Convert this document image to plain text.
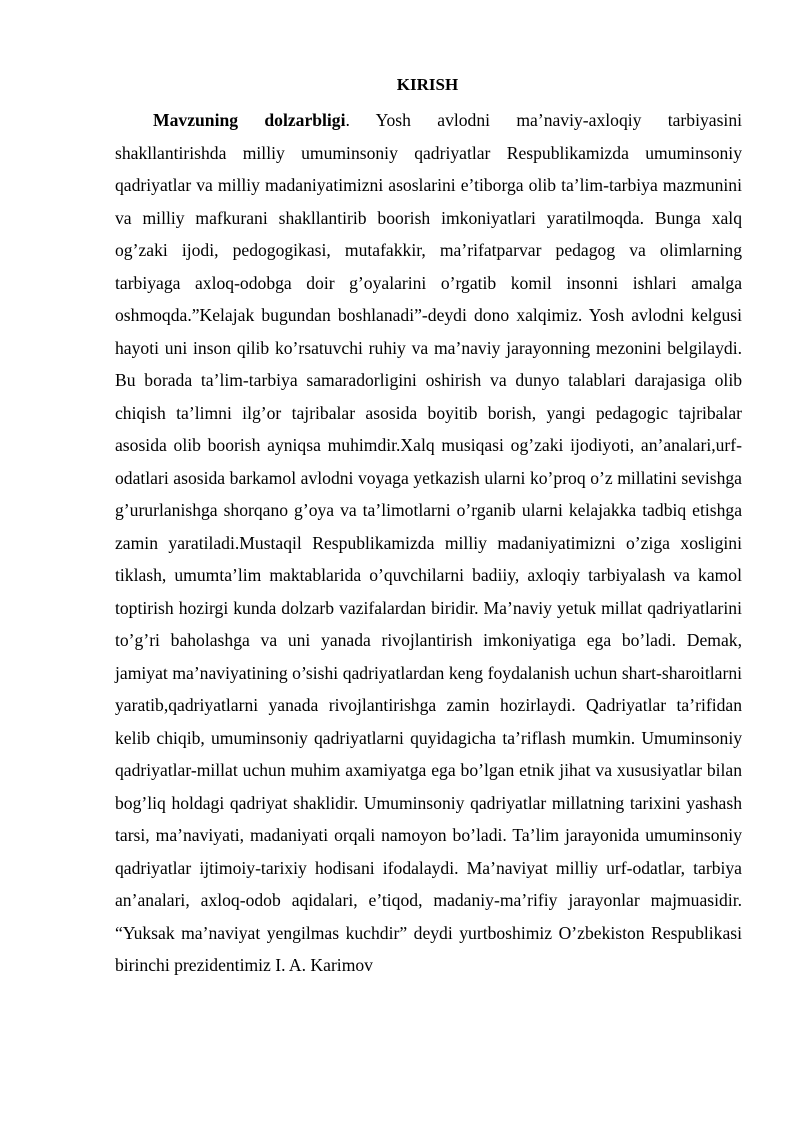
KIRISH

Mavzuning dolzarbligi. Yosh avlodni ma’naviy-axloqiy tarbiyasini shakllantirishda milliy umuminsoniy qadriyatlar Respublikamizda umuminsoniy qadriyatlar va milliy madaniyatimizni asoslarini e’tiborga olib ta’lim-tarbiya mazmunini va milliy mafkurani shakllantirib boorish imkoniyatlari yaratilmoqda. Bunga xalq og’zaki ijodi, pedogogikasi, mutafakkir, ma’rifatparvar pedagog va olimlarning tarbiyaga axloq-odobga doir g’oyalarini o’rgatib komil insonni ishlari amalga oshmoqda.”Kelajak bugundan boshlanadi”-deydi dono xalqimiz. Yosh avlodni kelgusi hayoti uni inson qilib ko’rsatuvchi ruhiy va ma’naviy jarayonning mezonini belgilaydi. Bu borada ta’lim-tarbiya samaradorligini oshirish va dunyo talablari darajasiga olib chiqish ta’limni ilg’or tajribalar asosida boyitib borish, yangi pedagogic tajribalar asosida olib boorish ayniqsa muhimdir.Xalq musiqasi og’zaki ijodiyoti, an’analari,urf-odatlari asosida barkamol avlodni voyaga yetkazish ularni ko’proq o’z millatini sevishga g’ururlanishga shorqano g’oya va ta’limotlarni o’rganib ularni kelajakka tadbiq etishga zamin yaratiladi.Mustaqil Respublikamizda milliy madaniyatimizni o’ziga xosligini tiklash, umumta’lim maktablarida o’quvchilarni badiiy, axloqiy tarbiyalash va kamol toptirish hozirgi kunda dolzarb vazifalardan biridir. Ma’naviy yetuk millat qadriyatlarini to’g’ri baholashga va uni yanada rivojlantirish imkoniyatiga ega bo’ladi. Demak, jamiyat ma’naviyatining o’sishi qadriyatlardan keng foydalanish uchun shart-sharoitlarni yaratib,qadriyatlarni yanada rivojlantirishga zamin hozirlaydi. Qadriyatlar ta’rifidan kelib chiqib, umuminsoniy qadriyatlarni quyidagicha ta’riflash mumkin. Umuminsoniy qadriyatlar-millat uchun muhim axamiyatga ega bo’lgan etnik jihat va xususiyatlar bilan bog’liq holdagi qadriyat shaklidir. Umuminsoniy qadriyatlar millatning tarixini yashash tarsi, ma’naviyati, madaniyati orqali namoyon bo’ladi. Ta’lim jarayonida umuminsoniy qadriyatlar ijtimoiy-tarixiy hodisani ifodalaydi. Ma’naviyat milliy urf-odatlar, tarbiya an’analari, axloq-odob aqidalari, e’tiqod, madaniy-ma’rifiy jarayonlar majmuasidir. “Yuksak ma’naviyat yengilmas kuchdir” deydi yurtboshimiz O’zbekiston Respublikasi birinchi prezidentimiz I. A. Karimov
